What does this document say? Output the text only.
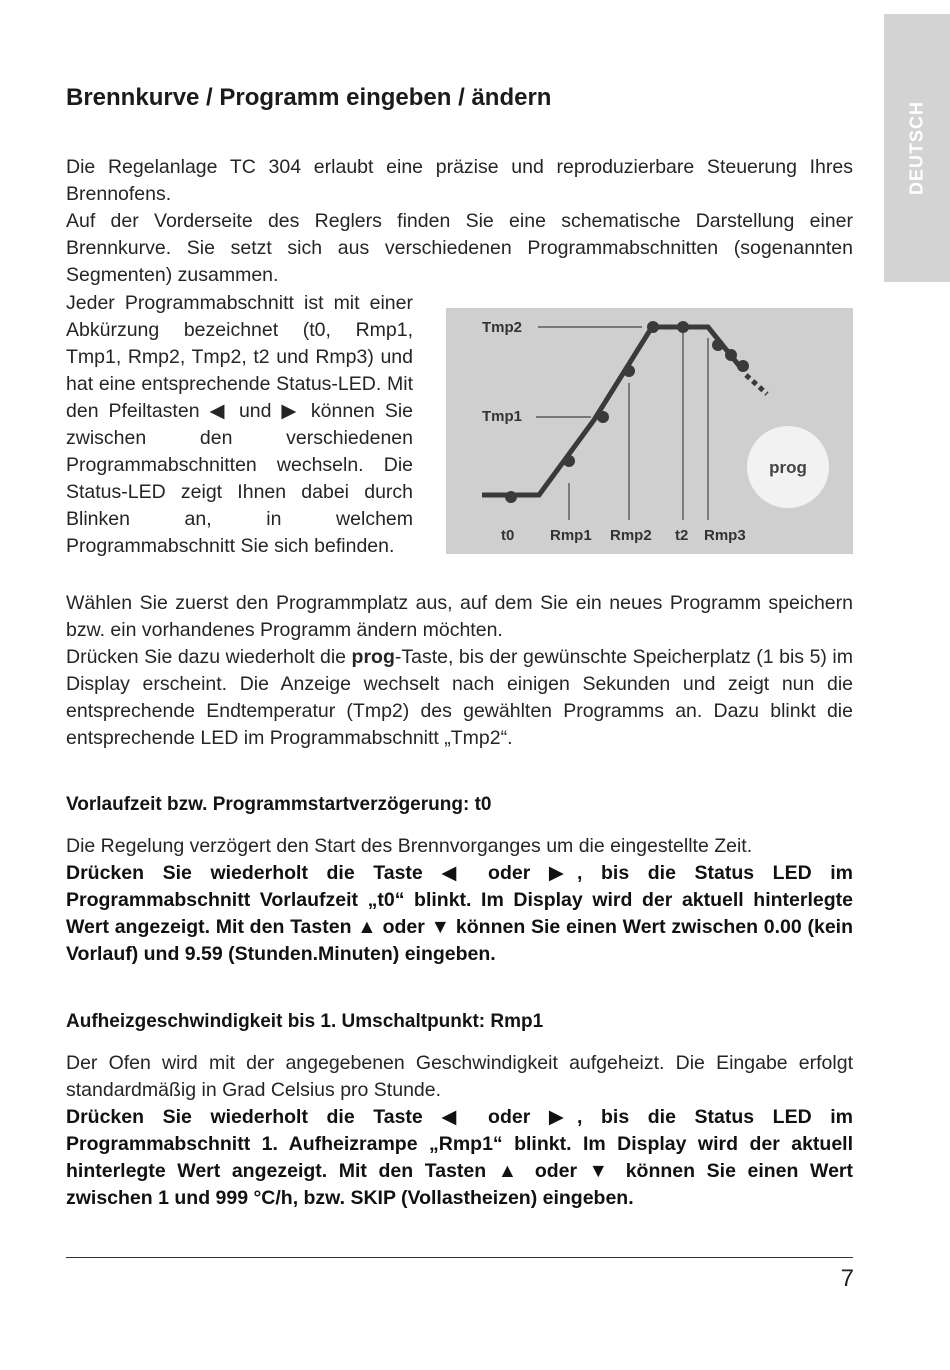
DEUTSCH
Brennkurve / Programm eingeben / ändern

Die Regelanlage TC 304 erlaubt eine präzise und reproduzierbare Steuerung Ihres Brennofens.

Auf der Vorderseite des Reglers finden Sie eine schematische Darstellung einer Brennkurve. Sie setzt sich aus verschiedenen Programmabschnitten (sogenannten Segmenten) zusammen.

Jeder Programmabschnitt ist mit einer Abkürzung bezeichnet (t0, Rmp1, Tmp1, Rmp2, Tmp2, t2 und Rmp3) und hat eine entsprechende Status-LED. Mit den Pfeiltasten ◀ und ▶ können Sie zwischen den verschiedenen Programmabschnitten wechseln. Die Status-LED zeigt Ihnen dabei durch Blinken an, in welchem Programmabschnitt Sie sich befinden.

Tmp2
Tmp1
t0 Rmp1 Rmp2 t2 Rmp3
prog

Wählen Sie zuerst den Programmplatz aus, auf dem Sie ein neues Programm speichern bzw. ein vorhandenes Programm ändern möchten.

Drücken Sie dazu wiederholt die prog-Taste, bis der gewünschte Speicherplatz (1 bis 5) im Display erscheint. Die Anzeige wechselt nach einigen Sekunden und zeigt nun die entsprechende Endtemperatur (Tmp2) des gewählten Programms an. Dazu blinkt die entsprechende LED im Programmabschnitt „Tmp2“.

Vorlaufzeit bzw. Programmstartverzögerung: t0

Die Regelung verzögert den Start des Brennvorganges um die eingestellte Zeit.

Drücken Sie wiederholt die Taste ◀ oder ▶, bis die Status LED im Programmabschnitt Vorlaufzeit „t0“ blinkt. Im Display wird der aktuell hinterlegte Wert angezeigt. Mit den Tasten ▲ oder ▼ können Sie einen Wert zwischen 0.00 (kein Vorlauf) und 9.59 (Stunden.Minuten) eingeben.

Aufheizgeschwindigkeit bis 1. Umschaltpunkt: Rmp1

Der Ofen wird mit der angegebenen Geschwindigkeit aufgeheizt. Die Eingabe erfolgt standardmäßig in Grad Celsius pro Stunde.

Drücken Sie wiederholt die Taste ◀ oder ▶, bis die Status LED im Programmabschnitt 1. Aufheizrampe „Rmp1“ blinkt. Im Display wird der aktuell hinterlegte Wert angezeigt. Mit den Tasten ▲ oder ▼ können Sie einen Wert zwischen 1 und 999 °C/h, bzw. SKIP (Vollastheizen) eingeben.

7
